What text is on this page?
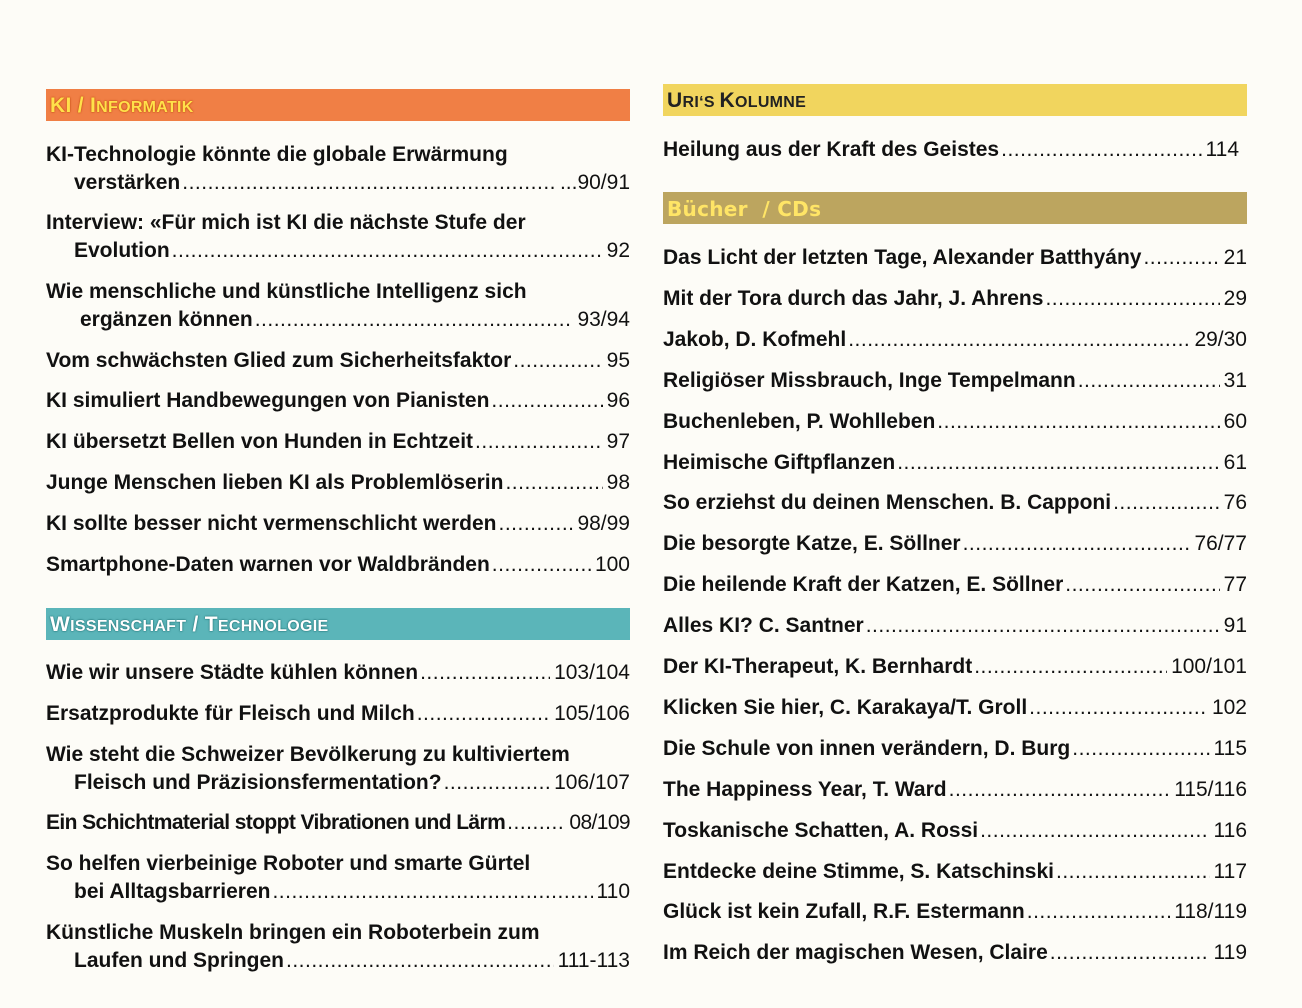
KI / INFORMATIK
KI-Technologie könnte die globale Erwärmung
verstärken .....	...90/91
Interview: «Für mich ist KI die nächste Stufe der
Evolution .....	92
Wie menschliche und künstliche Intelligenz sich
ergänzen können .....	93/94
Vom schwächsten Glied zum Sicherheitsfaktor .....	95
KI simuliert Handbewegungen von Pianisten .....	96
KI übersetzt Bellen von Hunden in Echtzeit .....	97
Junge Menschen lieben KI als Problemlöserin .....	98
KI sollte besser nicht vermenschlicht werden .....	98/99
Smartphone-Daten warnen vor Waldbränden .....	100
WISSENSCHAFT / TECHNOLOGIE
Wie wir unsere Städte kühlen können .....	103/104
Ersatzprodukte für Fleisch und Milch .....	105/106
Wie steht die Schweizer Bevölkerung zu kultiviertem
Fleisch und Präzisionsfermentation? .....	106/107
Ein Schichtmaterial stoppt Vibrationen und Lärm .....	08/109
So helfen vierbeinige Roboter und smarte Gürtel
bei Alltagsbarrieren .....	110
Künstliche Muskeln bringen ein Roboterbein zum
Laufen und Springen .....	111-113
URI‘S KOLUMNE
Heilung aus der Kraft des Geistes .....	114
Bücher  / CDs
Das Licht der letzten Tage, Alexander Batthyány .....	21
Mit der Tora durch das Jahr, J. Ahrens .....	29
Jakob, D. Kofmehl .....	29/30
Religiöser Missbrauch, Inge Tempelmann .....	31
Buchenleben, P. Wohlleben .....	60
Heimische Giftpflanzen .....	61
So erziehst du deinen Menschen. B. Capponi .....	76
Die besorgte Katze, E. Söllner .....	76/77
Die heilende Kraft der Katzen, E. Söllner .....	77
Alles KI? C. Santner .....	91
Der KI-Therapeut, K. Bernhardt .....	100/101
Klicken Sie hier, C. Karakaya/T. Groll .....	102
Die Schule von innen verändern, D. Burg .....	115
The Happiness Year, T. Ward .....	115/116
Toskanische Schatten, A. Rossi .....	116
Entdecke deine Stimme, S. Katschinski .....	117
Glück ist kein Zufall, R.F. Estermann .....	118/119
Im Reich der magischen Wesen, Claire .....	119
